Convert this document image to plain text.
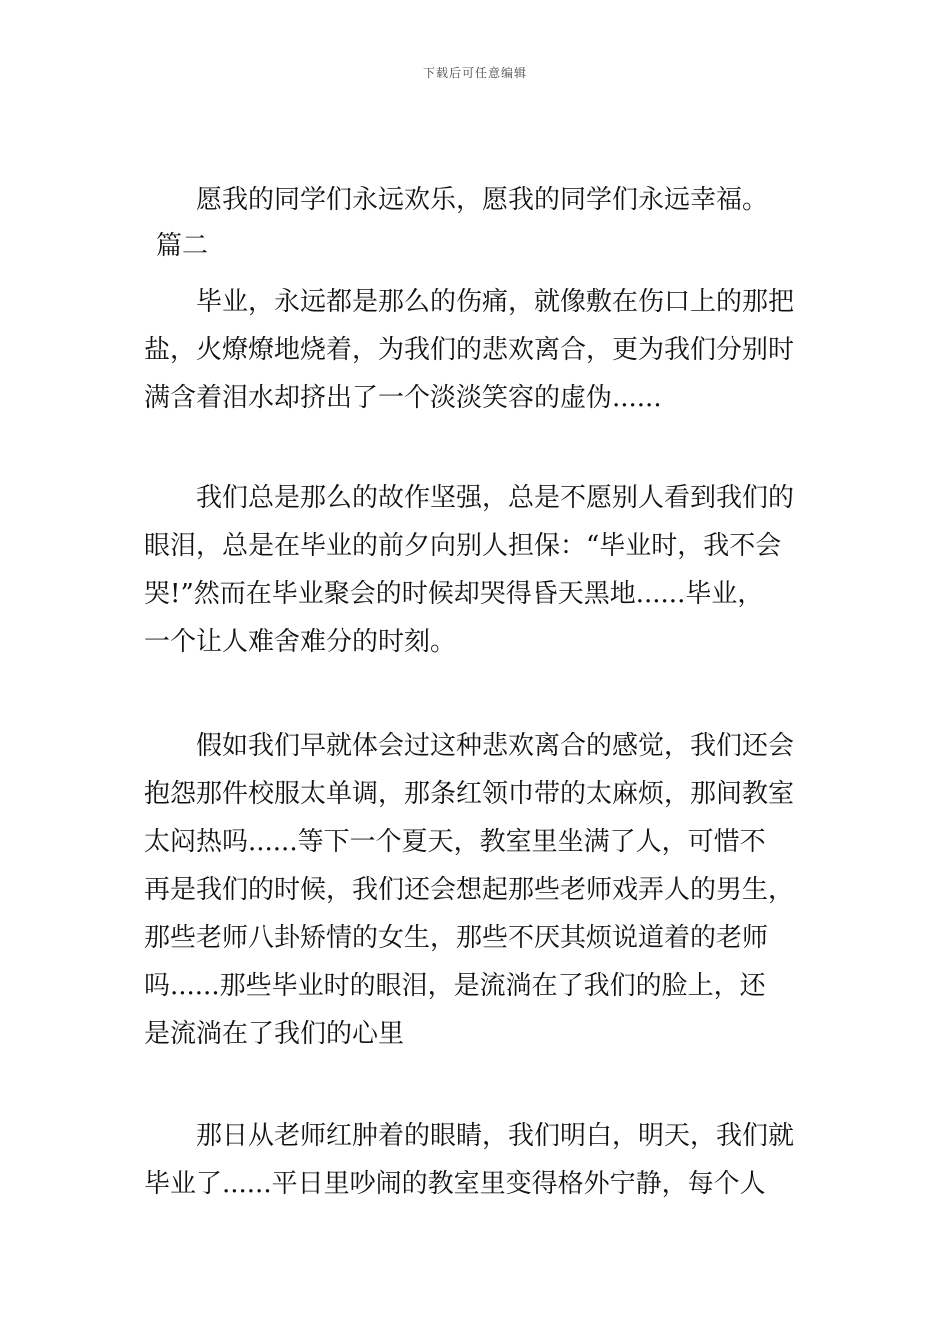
下载后可任意编辑
愿我的同学们永远欢乐，愿我的同学们永远幸福。
篇二
毕业，永远都是那么的伤痛，就像敷在伤口上的那把
盐，火燎燎地烧着，为我们的悲欢离合，更为我们分别时
满含着泪水却挤出了一个淡淡笑容的虚伪......
我们总是那么的故作坚强，总是不愿别人看到我们的
眼泪，总是在毕业的前夕向别人担保：“毕业时，我不会
哭!”然而在毕业聚会的时候却哭得昏天黑地......毕业，
一个让人难舍难分的时刻。
假如我们早就体会过这种悲欢离合的感觉，我们还会
抱怨那件校服太单调，那条红领巾带的太麻烦，那间教室
太闷热吗......等下一个夏天，教室里坐满了人，可惜不
再是我们的时候，我们还会想起那些老师戏弄人的男生，
那些老师八卦矫情的女生，那些不厌其烦说道着的老师
吗......那些毕业时的眼泪，是流淌在了我们的脸上，还
是流淌在了我们的心里
那日从老师红肿着的眼睛，我们明白，明天，我们就
毕业了......平日里吵闹的教室里变得格外宁静，每个人
